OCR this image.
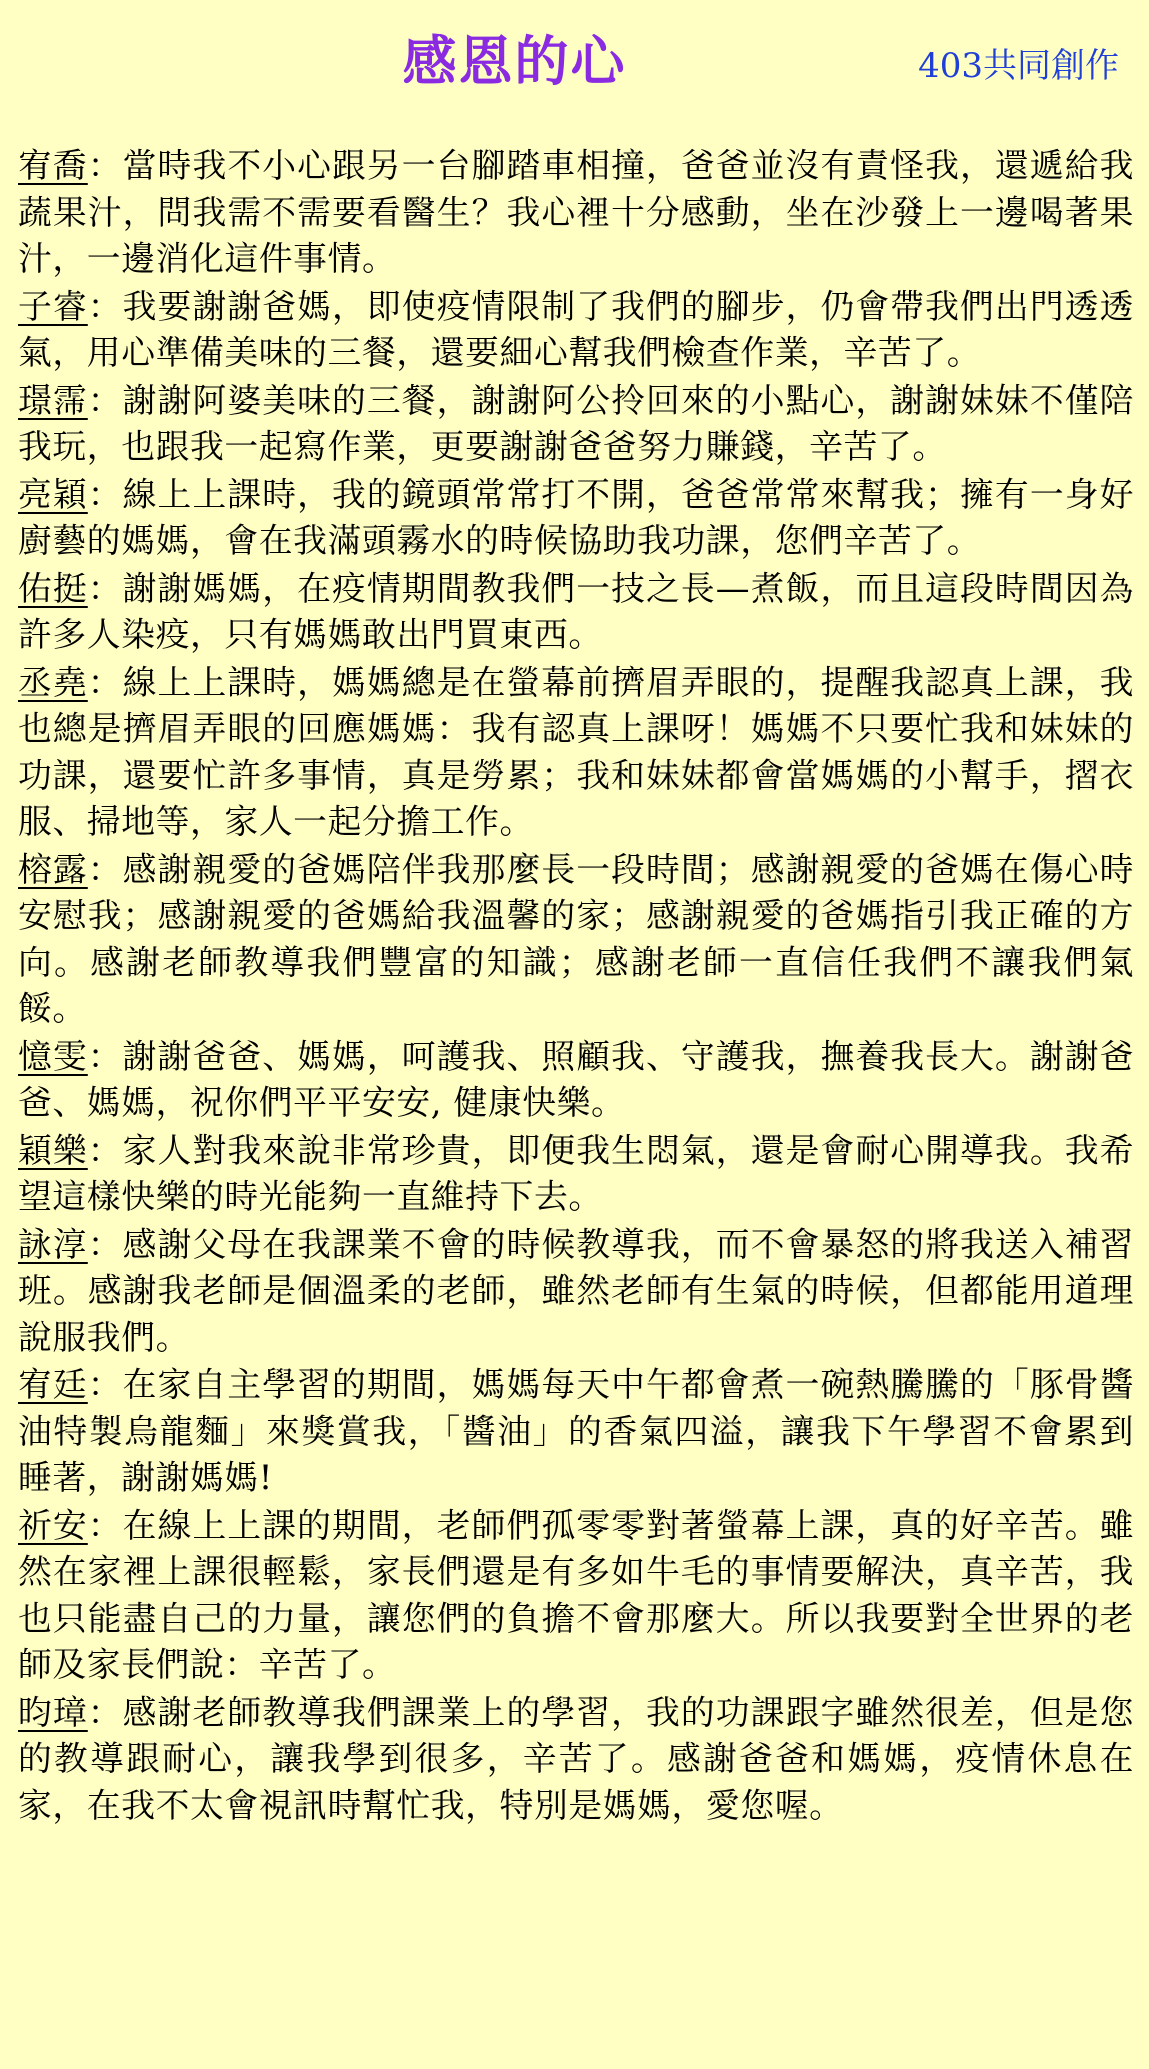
感恩的心	403共同創作

宥喬：當時我不小心跟另一台腳踏車相撞，爸爸並沒有責怪我，還遞給我蔬果汁，問我需不需要看醫生？我心裡十分感動，坐在沙發上一邊喝著果汁，一邊消化這件事情。

子睿：我要謝謝爸媽，即使疫情限制了我們的腳步，仍會帶我們出門透透氣，用心準備美味的三餐，還要細心幫我們檢查作業，辛苦了。

璟霈：謝謝阿婆美味的三餐，謝謝阿公拎回來的小點心，謝謝妹妹不僅陪我玩，也跟我一起寫作業，更要謝謝爸爸努力賺錢，辛苦了。

亮穎：線上上課時，我的鏡頭常常打不開，爸爸常常來幫我；擁有一身好廚藝的媽媽，會在我滿頭霧水的時候協助我功課，您們辛苦了。

佑挺：謝謝媽媽，在疫情期間教我們一技之長—煮飯，而且這段時間因為許多人染疫，只有媽媽敢出門買東西。

丞堯：線上上課時，媽媽總是在螢幕前擠眉弄眼的，提醒我認真上課，我也總是擠眉弄眼的回應媽媽：我有認真上課呀！媽媽不只要忙我和妹妹的功課，還要忙許多事情，真是勞累；我和妹妹都會當媽媽的小幫手，摺衣服、掃地等，家人一起分擔工作。

榕露：感謝親愛的爸媽陪伴我那麼長一段時間；感謝親愛的爸媽在傷心時安慰我；感謝親愛的爸媽給我溫馨的家；感謝親愛的爸媽指引我正確的方向。感謝老師教導我們豐富的知識；感謝老師一直信任我們不讓我們氣餒。

憶雯：謝謝爸爸、媽媽，呵護我、照顧我、守護我，撫養我長大。謝謝爸爸、媽媽，祝你們平平安安, 健康快樂。

穎樂：家人對我來說非常珍貴，即便我生悶氣，還是會耐心開導我。我希望這樣快樂的時光能夠一直維持下去。

詠淳：感謝父母在我課業不會的時候教導我，而不會暴怒的將我送入補習班。感謝我老師是個溫柔的老師，雖然老師有生氣的時候，但都能用道理說服我們。

宥廷：在家自主學習的期間，媽媽每天中午都會煮一碗熱騰騰的「豚骨醬油特製烏龍麵」來獎賞我，「醬油」的香氣四溢，讓我下午學習不會累到睡著，謝謝媽媽!

祈安：在線上上課的期間，老師們孤零零對著螢幕上課，真的好辛苦。雖然在家裡上課很輕鬆，家長們還是有多如牛毛的事情要解決，真辛苦，我也只能盡自己的力量，讓您們的負擔不會那麼大。所以我要對全世界的老師及家長們說：辛苦了。

昀璋：感謝老師教導我們課業上的學習，我的功課跟字雖然很差，但是您的教導跟耐心，讓我學到很多，辛苦了。感謝爸爸和媽媽，疫情休息在家，在我不太會視訊時幫忙我，特別是媽媽，愛您喔。
